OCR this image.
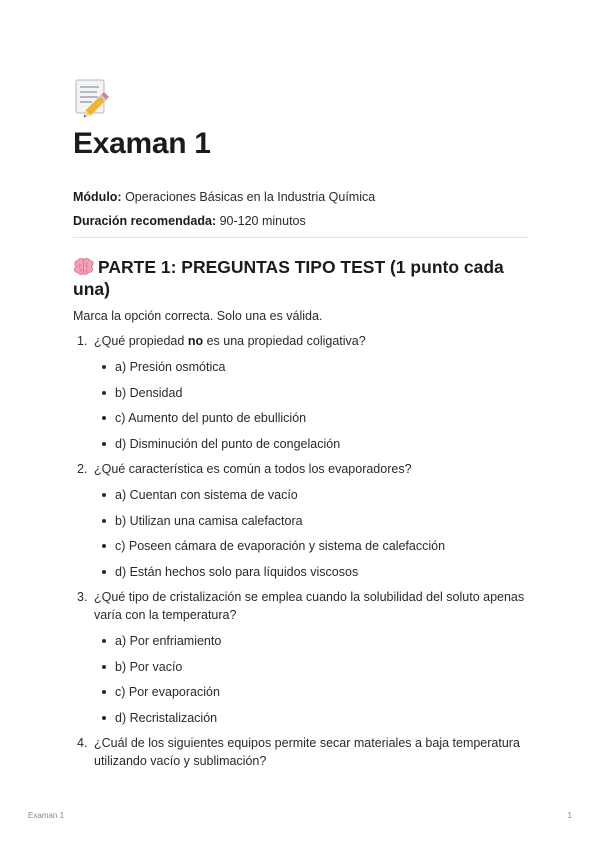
Examan 1
Módulo: Operaciones Básicas en la Industria Química
Duración recomendada: 90-120 minutos
PARTE 1: PREGUNTAS TIPO TEST (1 punto cada una)
Marca la opción correcta. Solo una es válida.
1. ¿Qué propiedad no es una propiedad coligativa?
a) Presión osmótica
b) Densidad
c) Aumento del punto de ebullición
d) Disminución del punto de congelación
2. ¿Qué característica es común a todos los evaporadores?
a) Cuentan con sistema de vacío
b) Utilizan una camisa calefactora
c) Poseen cámara de evaporación y sistema de calefacción
d) Están hechos solo para líquidos viscosos
3. ¿Qué tipo de cristalización se emplea cuando la solubilidad del soluto apenas varía con la temperatura?
a) Por enfriamiento
b) Por vacío
c) Por evaporación
d) Recristalización
4. ¿Cuál de los siguientes equipos permite secar materiales a baja temperatura utilizando vacío y sublimación?
Examan 1	1
